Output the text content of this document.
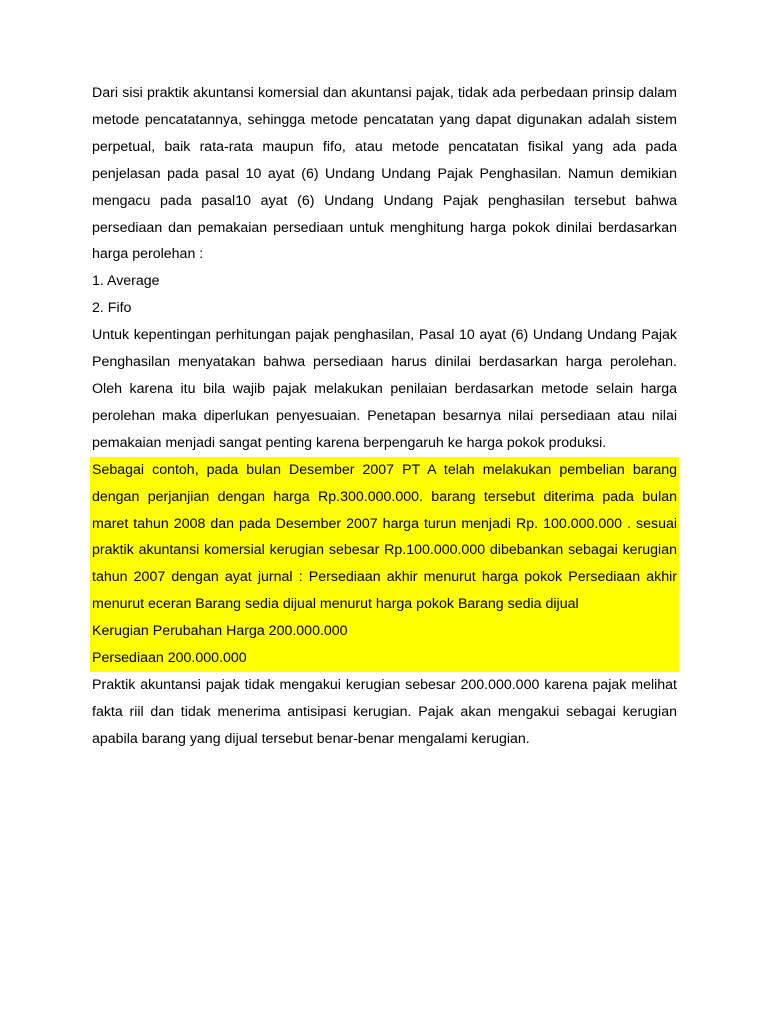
Dari sisi praktik akuntansi komersial dan akuntansi pajak, tidak ada perbedaan prinsip dalam metode pencatatannya, sehingga metode pencatatan yang dapat digunakan adalah sistem perpetual, baik rata-rata maupun fifo, atau metode pencatatan fisikal yang ada pada penjelasan pada pasal 10 ayat (6) Undang Undang Pajak Penghasilan. Namun demikian mengacu pada pasal10 ayat (6) Undang Undang Pajak penghasilan tersebut bahwa persediaan dan pemakaian persediaan untuk menghitung harga pokok dinilai berdasarkan harga perolehan :

1. Average

2. Fifo

Untuk kepentingan perhitungan pajak penghasilan, Pasal 10 ayat (6) Undang Undang Pajak Penghasilan menyatakan bahwa persediaan harus dinilai berdasarkan harga perolehan. Oleh karena itu bila wajib pajak melakukan penilaian berdasarkan metode selain harga perolehan maka diperlukan penyesuaian. Penetapan besarnya nilai persediaan atau nilai pemakaian menjadi sangat penting karena berpengaruh ke harga pokok produksi.

Sebagai contoh, pada bulan Desember 2007 PT A telah melakukan pembelian barang dengan perjanjian dengan harga Rp.300.000.000. barang tersebut diterima pada bulan maret tahun 2008 dan pada Desember 2007 harga turun menjadi Rp. 100.000.000 . sesuai praktik akuntansi komersial kerugian sebesar Rp.100.000.000 dibebankan sebagai kerugian tahun 2007 dengan ayat jurnal : Persediaan akhir menurut harga pokok Persediaan akhir menurut eceran Barang sedia dijual menurut harga pokok Barang sedia dijual

Kerugian Perubahan Harga 200.000.000

Persediaan 200.000.000

Praktik akuntansi pajak tidak mengakui kerugian sebesar 200.000.000 karena pajak melihat fakta riil dan tidak menerima antisipasi kerugian. Pajak akan mengakui sebagai kerugian apabila barang yang dijual tersebut benar-benar mengalami kerugian.
